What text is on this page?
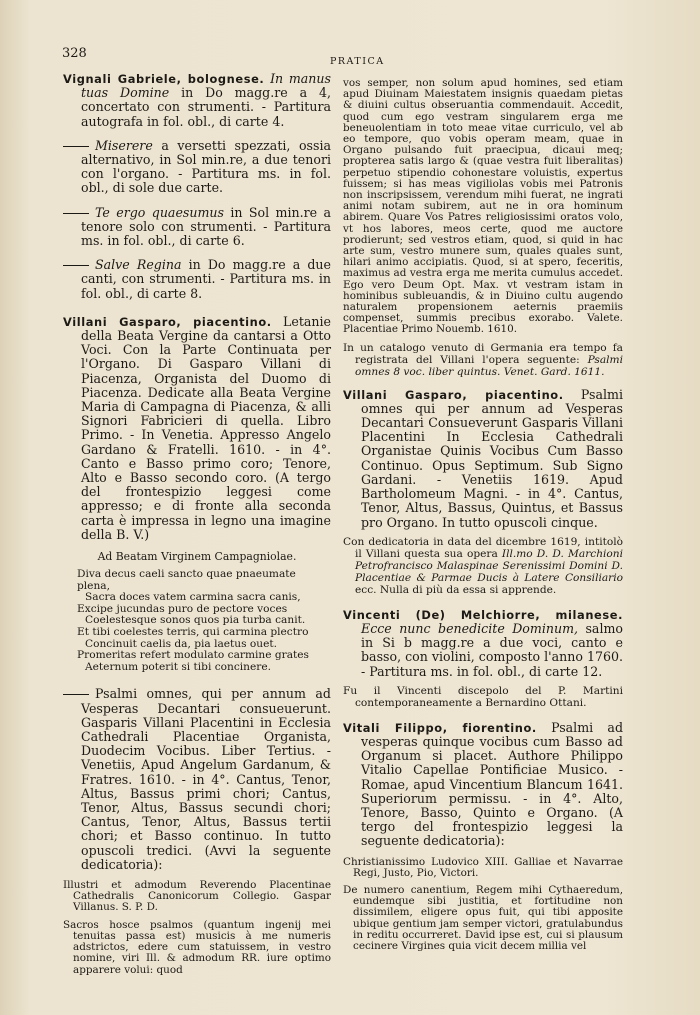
328
PRATICA

Vignali Gabriele, bolognese. In manus tuas Domine in Do magg.re a 4, concertato con strumenti. - Partitura autografa in fol. obl., di carte 4.

Miserere a versetti spezzati, ossia alternativo, in Sol min.re, a due tenori con l'organo. - Partitura ms. in fol. obl., di sole due carte.

Te ergo quaesumus in Sol min.re a tenore solo con strumenti. - Partitura ms. in fol. obl., di carte 6.

Salve Regina in Do magg.re a due canti, con strumenti. - Partitura ms. in fol. obl., di carte 8.

Villani Gasparo, piacentino. Letanie della Beata Vergine da cantarsi a Otto Voci. Con la Parte Continuata per l'Organo. Di Gasparo Villani di Piacenza, Organista del Duomo di Piacenza. Dedicate alla Beata Vergine Maria di Campagna di Piacenza, & alli Signori Fabricieri di quella. Libro Primo. - In Venetia. Appresso Angelo Gardano & Fratelli. 1610. - in 4°. Canto e Basso primo coro; Tenore, Alto e Basso secondo coro. (A tergo del frontespizio leggesi come appresso; e di fronte alla seconda carta è impressa in legno una imagine della B. V.)

Ad Beatam Virginem Campagniolae.
Diva decus caeli sancto quae pnaeumate plena,
Sacra doces vatem carmina sacra canis,
Excipe jucundas puro de pectore voces
Coelestesque sonos quos pia turba canit.
Et tibi coelestes terris, qui carmina plectro
Concinuit caelis da, pia laetus ouet.
Promeritas refert modulato carmine grates
Aeternum poterit si tibi concinere.

Psalmi omnes, qui per annum ad Vesperas Decantari consueuerunt. Gasparis Villani Placentini in Ecclesia Cathedrali Placentiae Organista, Duodecim Vocibus. Liber Tertius. - Venetiis, Apud Angelum Gardanum, & Fratres. 1610. - in 4°. Cantus, Tenor, Altus, Bassus primi chori; Cantus, Tenor, Altus, Bassus secundi chori; Cantus, Tenor, Altus, Bassus tertii chori; et Basso continuo. In tutto opuscoli tredici. (Avvi la seguente dedicatoria):

Illustri et admodum Reverendo Placentinae Cathedralis Canonicorum Collegio. Gaspar Villanus. S. P. D.

Sacros hosce psalmos (quantum ingenij mei tenuitas passa est) musicis à me numeris adstrictos, edere cum statuissem, in vestro nomine, viri Ill. & admodum RR. iure optimo apparere volui: quod

vos semper, non solum apud homines, sed etiam apud Diuinam Maiestatem insignis quaedam pietas & diuini cultus obseruantia commendauit. Accedit, quod cum ego vestram singularem erga me beneuolentiam in toto meae vitae curriculo, vel ab eo tempore, quo vobis operam meam, quae in Organo pulsando fuit praecipua, dicaui meq; propterea satis largo & (quae vestra fuit liberalitas) perpetuo stipendio cohonestare voluistis, expertus fuissem; si has meas vigiliolas vobis mei Patronis non inscripsissem, verendum mihi fuerat, ne ingrati animi notam subirem, aut ne in ora hominum abirem. Quare Vos Patres religiosissimi oratos volo, vt hos labores, meos certe, quod me auctore prodierunt; sed vestros etiam, quod, si quid in hac arte sum, vestro munere sum, quales quales sunt, hilari animo accipiatis. Quod, si at spero, feceritis, maximus ad vestra erga me merita cumulus accedet. Ego vero Deum Opt. Max. vt vestram istam in hominibus subleuandis, & in Diuino cultu augendo naturalem propensionem aeternis praemiis compenset, summis precibus exorabo. Valete. Placentiae Primo Nouemb. 1610.

In un catalogo venuto di Germania era tempo fa registrata del Villani l'opera seguente: Psalmi omnes 8 voc. liber quintus. Venet. Gard. 1611.

Villani Gasparo, piacentino. Psalmi omnes qui per annum ad Vesperas Decantari Consueverunt Gasparis Villani Placentini In Ecclesia Cathedrali Organistae Quinis Vocibus Cum Basso Continuo. Opus Septimum. Sub Signo Gardani. - Venetiis 1619. Apud Bartholomeum Magni. - in 4°. Cantus, Tenor, Altus, Bassus, Quintus, et Bassus pro Organo. In tutto opuscoli cinque.

Con dedicatoria in data del dicembre 1619, intitolò il Villani questa sua opera Ill.mo D. D. Marchioni Petrofrancisco Malaspinae Serenissimi Domini D. Placentiae & Parmae Ducis à Latere Consiliario ecc. Nulla di più da essa si apprende.

Vincenti (De) Melchiorre, milanese. Ecce nunc benedicite Dominum, salmo in Si b magg.re a due voci, canto e basso, con violini, composto l'anno 1760. - Partitura ms. in fol. obl., di carte 12.

Fu il Vincenti discepolo del P. Martini contemporaneamente a Bernardino Ottani.

Vitali Filippo, fiorentino. Psalmi ad vesperas quinque vocibus cum Basso ad Organum si placet. Authore Philippo Vitalio Capellae Pontificiae Musico. - Romae, apud Vincentium Blancum 1641. Superiorum permissu. - in 4°. Alto, Tenore, Basso, Quinto e Organo. (A tergo del frontespizio leggesi la seguente dedicatoria):

Christianissimo Ludovico XIII. Galliae et Navarrae Regi, Justo, Pio, Victori.

De numero canentium, Regem mihi Cythaeredum, eundemque sibi justitia, et fortitudine non dissimilem, eligere opus fuit, qui tibi apposite ubique gentium jam semper victori, gratulabundus in reditu occurreret. David ipse est, cui si plausum cecinere Virgines quia vicit decem millia vel
